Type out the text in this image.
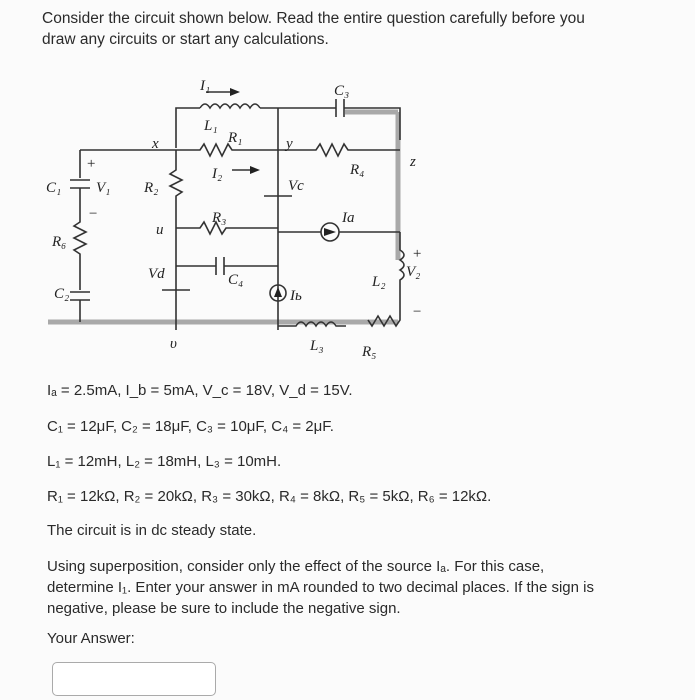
Consider the circuit shown below. Read the entire question carefully before you
draw any circuits or start any calculations.
I₁
L₁
C₃
x	R₁	y
+
I₂	R₄	z
C₁ V₁ R₂	Vc
−
u
R₃	Ia
R₆
+
Vd	C₄	L₂
V₂
C₂	Iь
−
υ	L₃	R₅
Iₐ = 2.5mA, I_b = 5mA, V_c = 18V, V_d = 15V.
C₁ = 12μF, C₂ = 18μF, C₃ = 10μF, C₄ = 2μF.
L₁ = 12mH, L₂ = 18mH, L₃ = 10mH.
R₁ = 12kΩ, R₂ = 20kΩ, R₃ = 30kΩ, R₄ = 8kΩ, R₅ = 5kΩ, R₆ = 12kΩ.
The circuit is in dc steady state.
Using superposition, consider only the effect of the source Iₐ. For this case,
determine I₁. Enter your answer in mA rounded to two decimal places. If the sign is
negative, please be sure to include the negative sign.
Your Answer:
